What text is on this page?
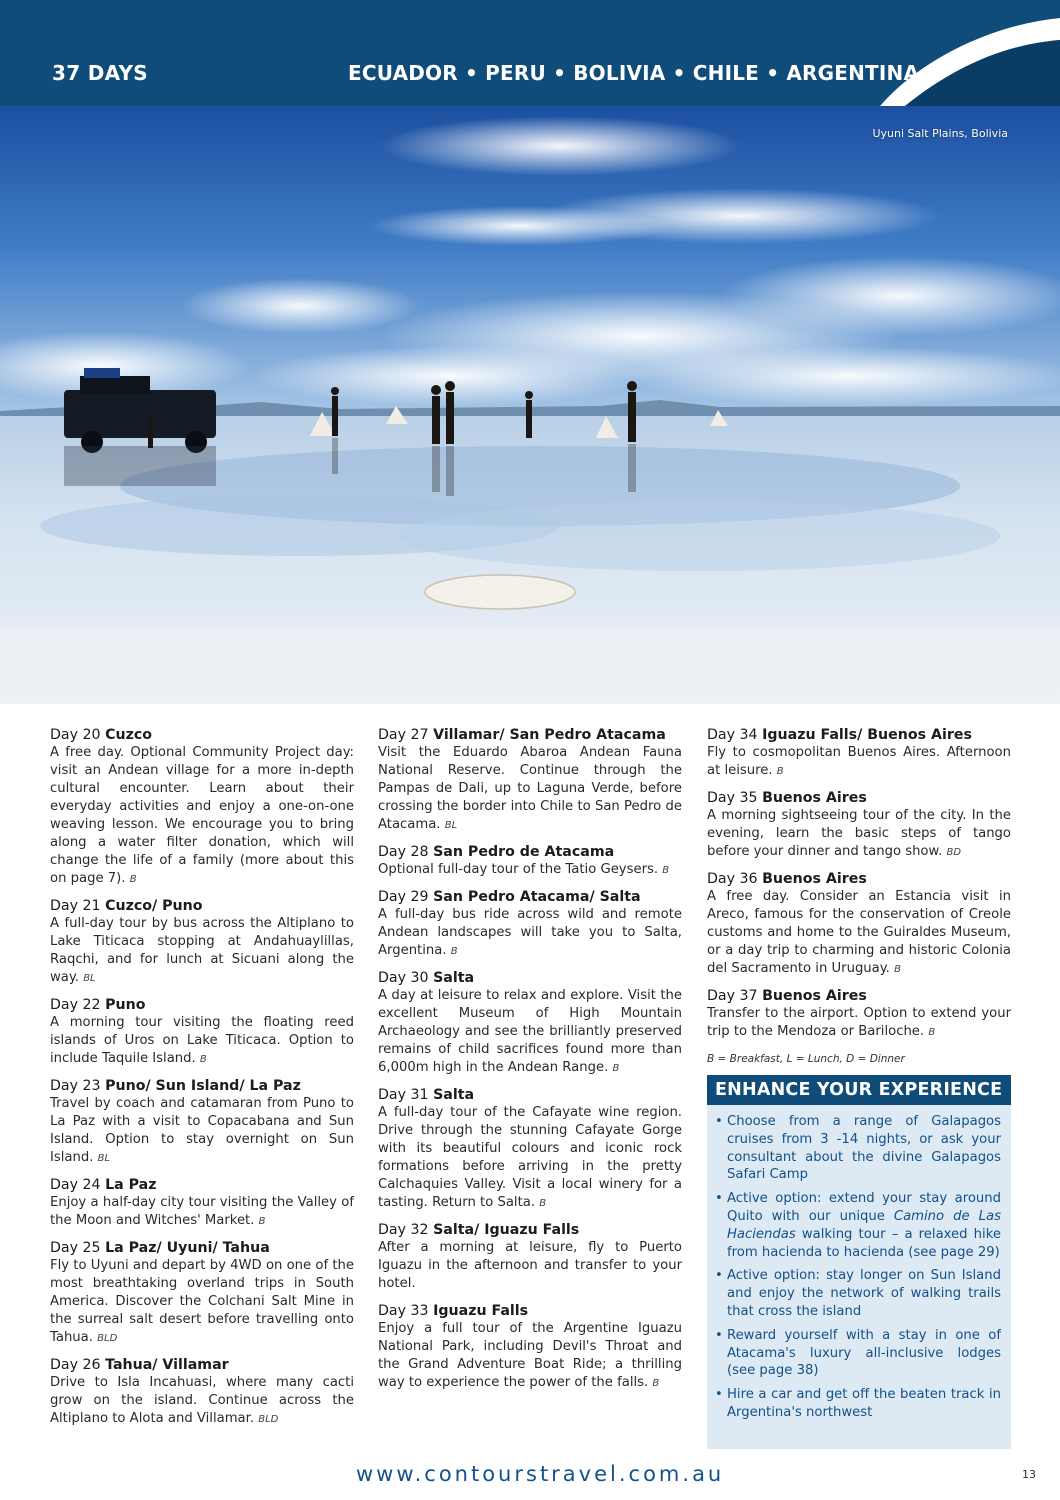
37 DAYS	ECUADOR • PERU • BOLIVIA • CHILE • ARGENTINA
Uyuni Salt Plains, Bolivia
Day 20 Cuzco
A free day. Optional Community Project day: visit an Andean village for a more in-depth cultural encounter. Learn about their everyday activities and enjoy a one-on-one weaving lesson. We encourage you to bring along a water filter donation, which will change the life of a family (more about this on page 7). B
Day 21 Cuzco/ Puno
A full-day tour by bus across the Altiplano to Lake Titicaca stopping at Andahuaylillas, Raqchi, and for lunch at Sicuani along the way. BL
Day 22 Puno
A morning tour visiting the floating reed islands of Uros on Lake Titicaca. Option to include Taquile Island. B
Day 23 Puno/ Sun Island/ La Paz
Travel by coach and catamaran from Puno to La Paz with a visit to Copacabana and Sun Island. Option to stay overnight on Sun Island. BL
Day 24 La Paz
Enjoy a half-day city tour visiting the Valley of the Moon and Witches' Market. B
Day 25 La Paz/ Uyuni/ Tahua
Fly to Uyuni and depart by 4WD on one of the most breathtaking overland trips in South America. Discover the Colchani Salt Mine in the surreal salt desert before travelling onto Tahua. BLD
Day 26 Tahua/ Villamar
Drive to Isla Incahuasi, where many cacti grow on the island. Continue across the Altiplano to Alota and Villamar. BLD
Day 27 Villamar/ San Pedro Atacama
Visit the Eduardo Abaroa Andean Fauna National Reserve. Continue through the Pampas de Dali, up to Laguna Verde, before crossing the border into Chile to San Pedro de Atacama. BL
Day 28 San Pedro de Atacama
Optional full-day tour of the Tatio Geysers. B
Day 29 San Pedro Atacama/ Salta
A full-day bus ride across wild and remote Andean landscapes will take you to Salta, Argentina. B
Day 30 Salta
A day at leisure to relax and explore. Visit the excellent Museum of High Mountain Archaeology and see the brilliantly preserved remains of child sacrifices found more than 6,000m high in the Andean Range. B
Day 31 Salta
A full-day tour of the Cafayate wine region. Drive through the stunning Cafayate Gorge with its beautiful colours and iconic rock formations before arriving in the pretty Calchaquies Valley. Visit a local winery for a tasting. Return to Salta. B
Day 32 Salta/ Iguazu Falls
After a morning at leisure, fly to Puerto Iguazu in the afternoon and transfer to your hotel.
Day 33 Iguazu Falls
Enjoy a full tour of the Argentine Iguazu National Park, including Devil's Throat and the Grand Adventure Boat Ride; a thrilling way to experience the power of the falls. B
Day 34 Iguazu Falls/ Buenos Aires
Fly to cosmopolitan Buenos Aires. Afternoon at leisure. B
Day 35 Buenos Aires
A morning sightseeing tour of the city. In the evening, learn the basic steps of tango before your dinner and tango show. BD
Day 36 Buenos Aires
A free day. Consider an Estancia visit in Areco, famous for the conservation of Creole customs and home to the Guiraldes Museum, or a day trip to charming and historic Colonia del Sacramento in Uruguay. B
Day 37 Buenos Aires
Transfer to the airport. Option to extend your trip to the Mendoza or Bariloche. B
B = Breakfast, L = Lunch, D = Dinner
ENHANCE YOUR EXPERIENCE
• Choose from a range of Galapagos cruises from 3 -14 nights, or ask your consultant about the divine Galapagos Safari Camp
• Active option: extend your stay around Quito with our unique Camino de Las Haciendas walking tour – a relaxed hike from hacienda to hacienda (see page 29)
• Active option: stay longer on Sun Island and enjoy the network of walking trails that cross the island
• Reward yourself with a stay in one of Atacama's luxury all-inclusive lodges (see page 38)
• Hire a car and get off the beaten track in Argentina's northwest
www.contourstravel.com.au	13
